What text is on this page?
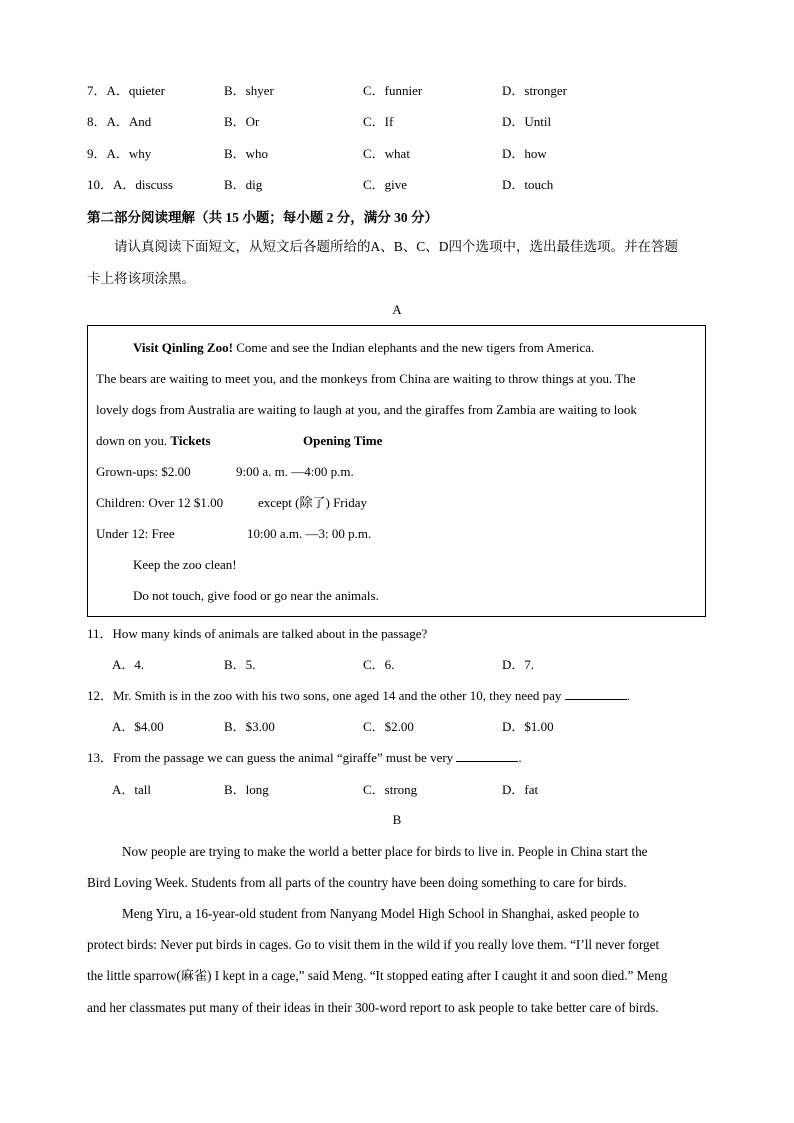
7．A．quieter	B．shyer	C．funnier	D．stronger
8．A．And	B．Or	C．If	D．Until
9．A．why	B．who	C．what	D．how
10．A．discuss	B．dig	C．give	D．touch
第二部分阅读理解（共 15 小题；每小题 2 分，满分 30 分）
请认真阅读下面短文，从短文后各题所给的A、B、C、D四个选项中，选出最佳选项。并在答题
卡上将该项涂黑。
A
Visit Qinling Zoo! Come and see the Indian elephants and the new tigers from America.
The bears are waiting to meet you, and the monkeys from China are waiting to throw things at you. The
lovely dogs from Australia are waiting to laugh at you, and the giraffes from Zambia are waiting to look
down on you. Tickets	Opening Time
Grown-ups: $2.00	9:00 a. m. —4:00 p.m.
Children: Over 12 $1.00	except (除了) Friday
Under 12: Free	10:00 a.m. —3: 00 p.m.
Keep the zoo clean!
Do not touch, give food or go near the animals.
11．How many kinds of animals are talked about in the passage?
A．4.	B．5.	C．6.	D．7.
12．Mr. Smith is in the zoo with his two sons, one aged 14 and the other 10, they need pay	.
A．$4.00	B．$3.00	C．$2.00	D．$1.00
13．From the passage we can guess the animal “giraffe” must be very	.
A．tall	B．long	C．strong	D．fat
B
Now people are trying to make the world a better place for birds to live in. People in China start the
Bird Loving Week. Students from all parts of the country have been doing something to care for birds.
Meng Yiru, a 16-year-old student from Nanyang Model High School in Shanghai, asked people to
protect birds: Never put birds in cages. Go to visit them in the wild if you really love them. “I’ll never forget
the little sparrow(麻雀) I kept in a cage,” said Meng. “It stopped eating after I caught it and soon died.” Meng
and her classmates put many of their ideas in their 300-word report to ask people to take better care of birds.
